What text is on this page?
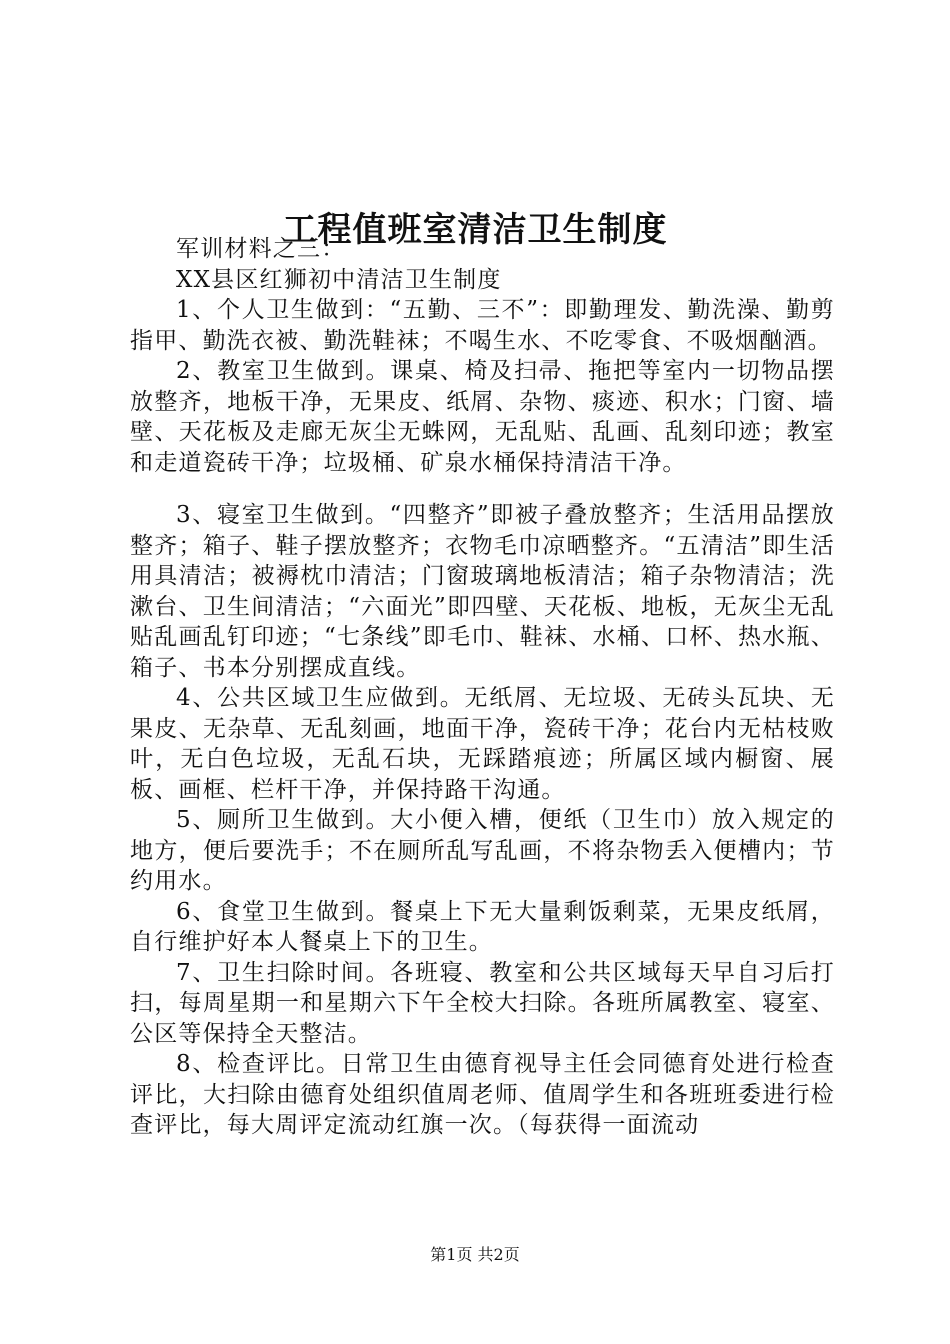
工程值班室清洁卫生制度

军训材料之三：

XX县区红狮初中清洁卫生制度

1、个人卫生做到：“五勤、三不”：即勤理发、勤洗澡、勤剪指甲、勤洗衣被、勤洗鞋袜；不喝生水、不吃零食、不吸烟酗酒。

2、教室卫生做到。课桌、椅及扫帚、拖把等室内一切物品摆放整齐，地板干净，无果皮、纸屑、杂物、痰迹、积水；门窗、墙壁、天花板及走廊无灰尘无蛛网，无乱贴、乱画、乱刻印迹；教室和走道瓷砖干净；垃圾桶、矿泉水桶保持清洁干净。

3、寝室卫生做到。“四整齐”即被子叠放整齐；生活用品摆放整齐；箱子、鞋子摆放整齐；衣物毛巾凉晒整齐。“五清洁”即生活用具清洁；被褥枕巾清洁；门窗玻璃地板清洁；箱子杂物清洁；洗漱台、卫生间清洁；“六面光”即四壁、天花板、地板，无灰尘无乱贴乱画乱钉印迹；“七条线”即毛巾、鞋袜、水桶、口杯、热水瓶、箱子、书本分别摆成直线。

4、公共区域卫生应做到。无纸屑、无垃圾、无砖头瓦块、无果皮、无杂草、无乱刻画，地面干净，瓷砖干净；花台内无枯枝败叶，无白色垃圾，无乱石块，无踩踏痕迹；所属区域内橱窗、展板、画框、栏杆干净，并保持路干沟通。

5、厕所卫生做到。大小便入槽，便纸（卫生巾）放入规定的地方，便后要洗手；不在厕所乱写乱画，不将杂物丢入便槽内；节约用水。

6、食堂卫生做到。餐桌上下无大量剩饭剩菜，无果皮纸屑，自行维护好本人餐桌上下的卫生。

7、卫生扫除时间。各班寝、教室和公共区域每天早自习后打扫，每周星期一和星期六下午全校大扫除。各班所属教室、寝室、公区等保持全天整洁。

8、检查评比。日常卫生由德育视导主任会同德育处进行检查评比，大扫除由德育处组织值周老师、值周学生和各班班委进行检查评比，每大周评定流动红旗一次。（每获得一面流动

第1页 共2页
